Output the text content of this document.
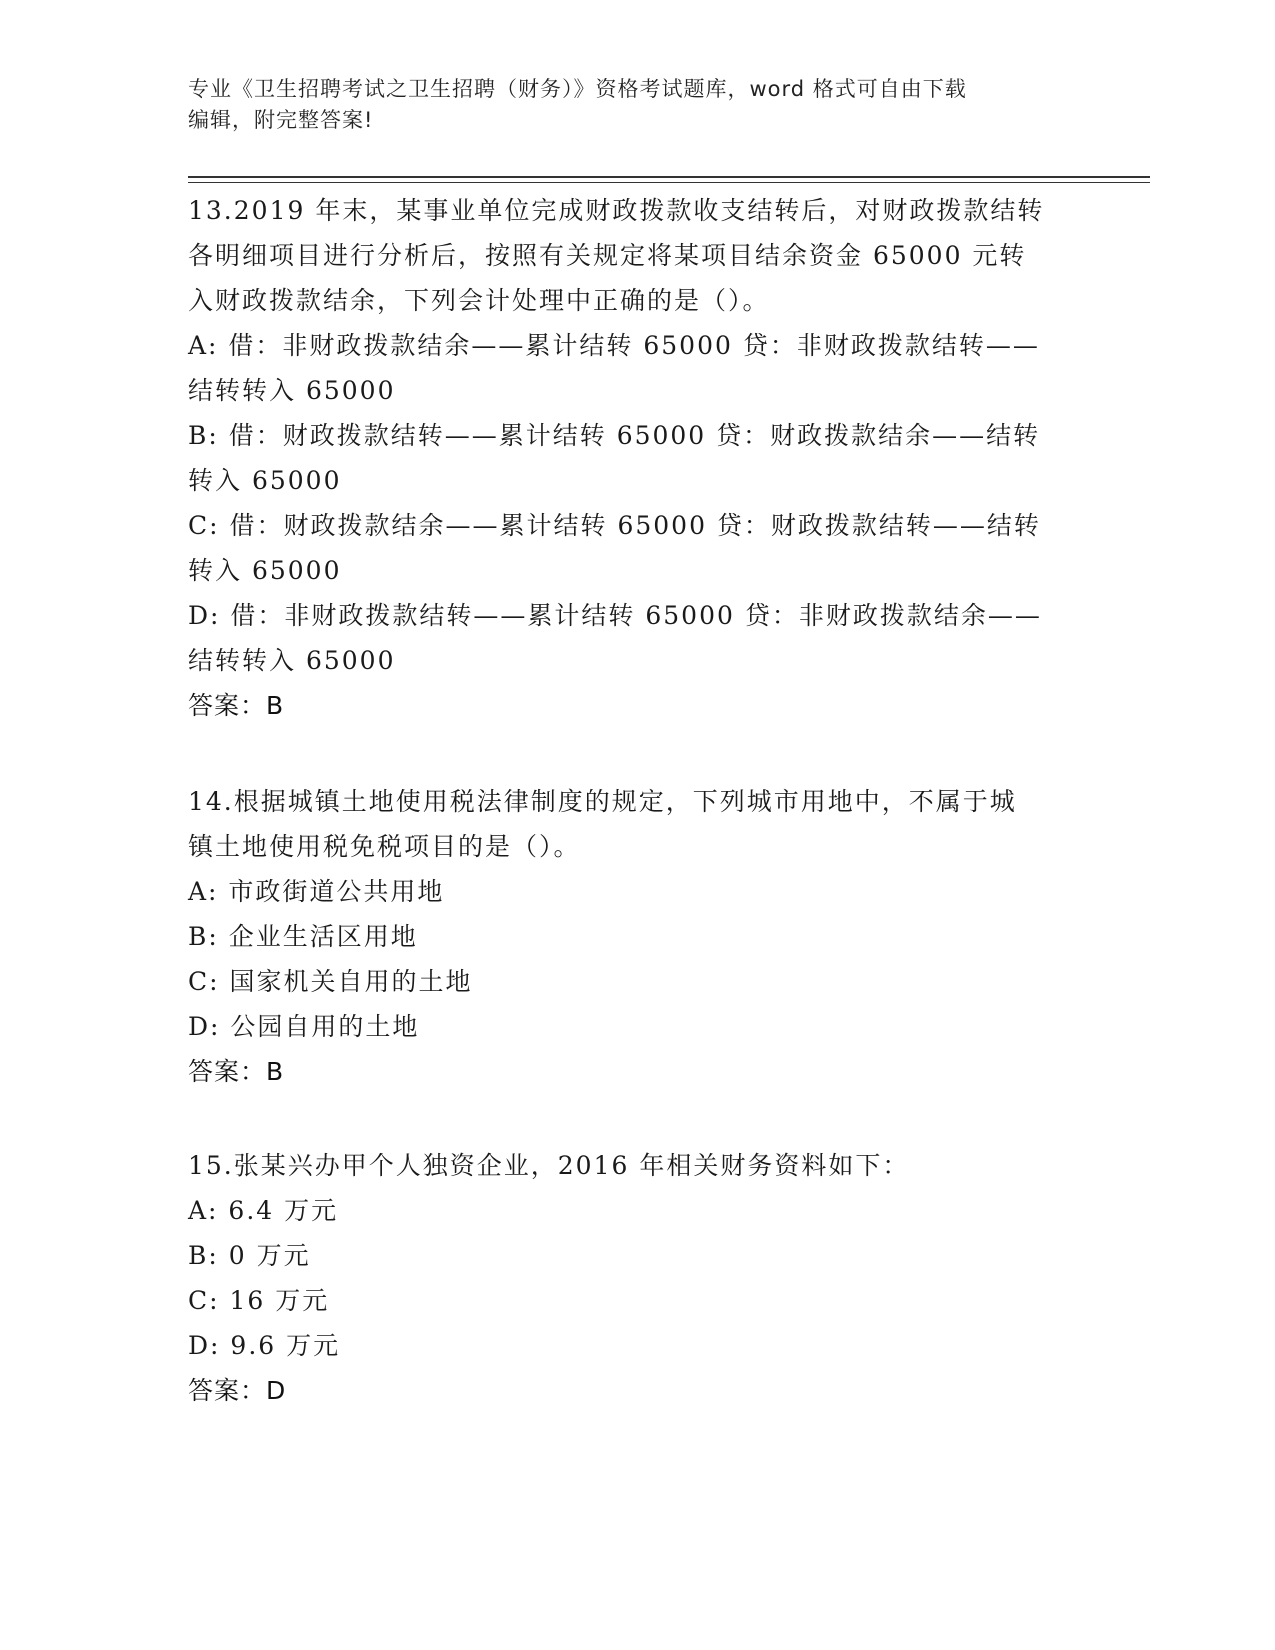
专业《卫生招聘考试之卫生招聘（财务）》资格考试题库，word 格式可自由下载
编辑，附完整答案!

13.2019 年末，某事业单位完成财政拨款收支结转后，对财政拨款结转

各明细项目进行分析后，按照有关规定将某项目结余资金 65000 元转

入财政拨款结余，下列会计处理中正确的是（）。

A: 借：非财政拨款结余——累计结转 65000 贷：非财政拨款结转——

结转转入 65000

B: 借：财政拨款结转——累计结转 65000 贷：财政拨款结余——结转

转入 65000

C: 借：财政拨款结余——累计结转 65000 贷：财政拨款结转——结转

转入 65000

D: 借：非财政拨款结转——累计结转 65000 贷：非财政拨款结余——

结转转入 65000

答案：B

14.根据城镇土地使用税法律制度的规定，下列城市用地中，不属于城

镇土地使用税免税项目的是（）。

A: 市政街道公共用地

B: 企业生活区用地

C: 国家机关自用的土地

D: 公园自用的土地

答案：B

15.张某兴办甲个人独资企业，2016 年相关财务资料如下：

A: 6.4 万元

B: 0 万元

C: 16 万元

D: 9.6 万元

答案：D
